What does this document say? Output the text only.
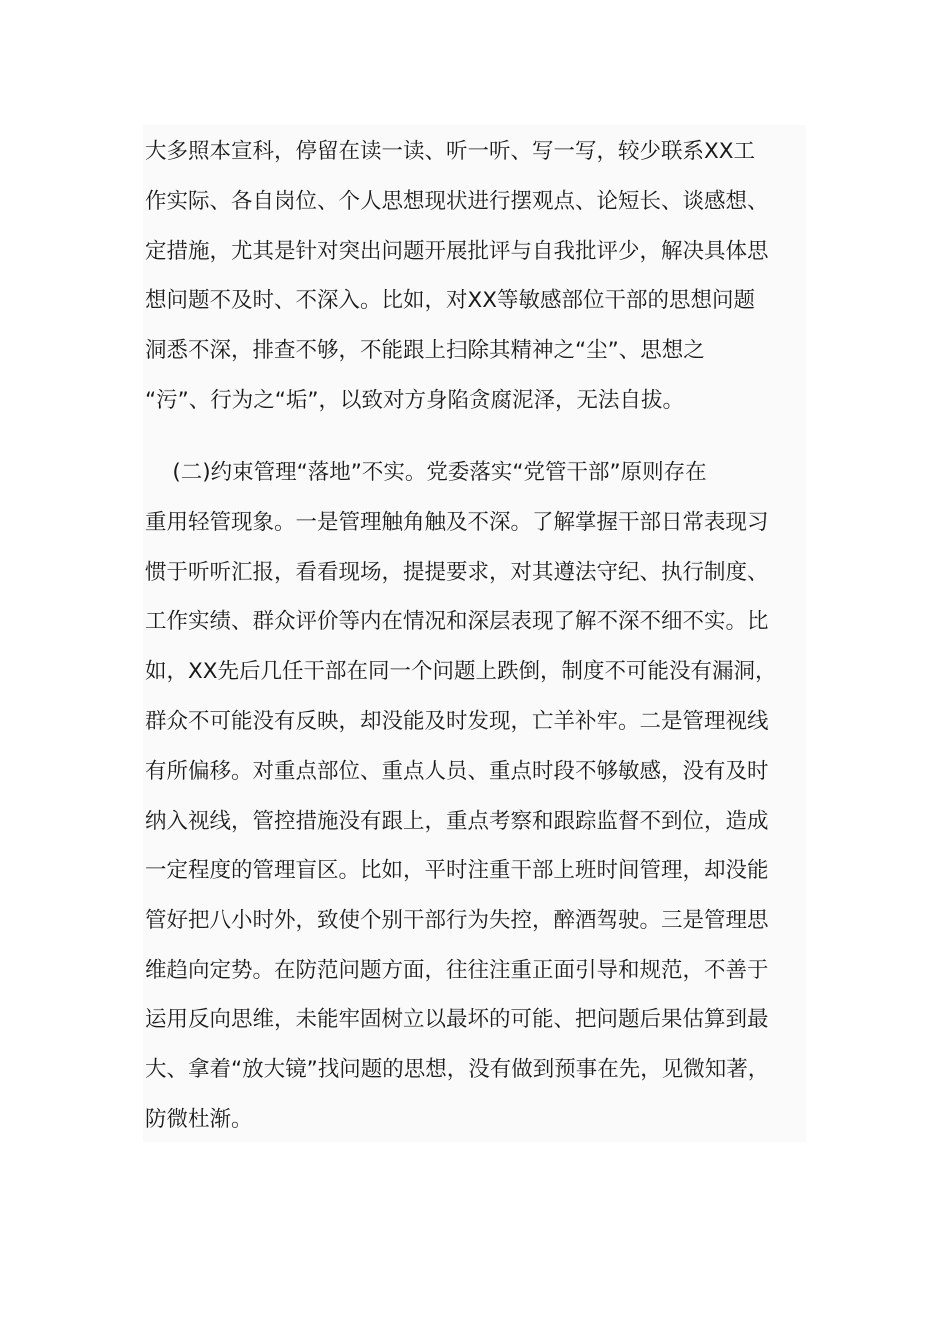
大多照本宣科，停留在读一读、听一听、写一写，较少联系XX工
作实际、各自岗位、个人思想现状进行摆观点、论短长、谈感想、
定措施，尤其是针对突出问题开展批评与自我批评少，解决具体思
想问题不及时、不深入。比如，对XX等敏感部位干部的思想问题
洞悉不深，排查不够，不能跟上扫除其精神之“尘”、思想之
“污”、行为之“垢”，以致对方身陷贪腐泥泽，无法自拔。
(二)约束管理“落地”不实。党委落实“党管干部”原则存在
重用轻管现象。一是管理触角触及不深。了解掌握干部日常表现习
惯于听听汇报，看看现场，提提要求，对其遵法守纪、执行制度、
工作实绩、群众评价等内在情况和深层表现了解不深不细不实。比
如，XX先后几任干部在同一个问题上跌倒，制度不可能没有漏洞，
群众不可能没有反映，却没能及时发现，亡羊补牢。二是管理视线
有所偏移。对重点部位、重点人员、重点时段不够敏感，没有及时
纳入视线，管控措施没有跟上，重点考察和跟踪监督不到位，造成
一定程度的管理盲区。比如，平时注重干部上班时间管理，却没能
管好把八小时外，致使个别干部行为失控，醉酒驾驶。三是管理思
维趋向定势。在防范问题方面，往往注重正面引导和规范，不善于
运用反向思维，未能牢固树立以最坏的可能、把问题后果估算到最
大、拿着“放大镜”找问题的思想，没有做到预事在先，见微知著，
防微杜渐。
